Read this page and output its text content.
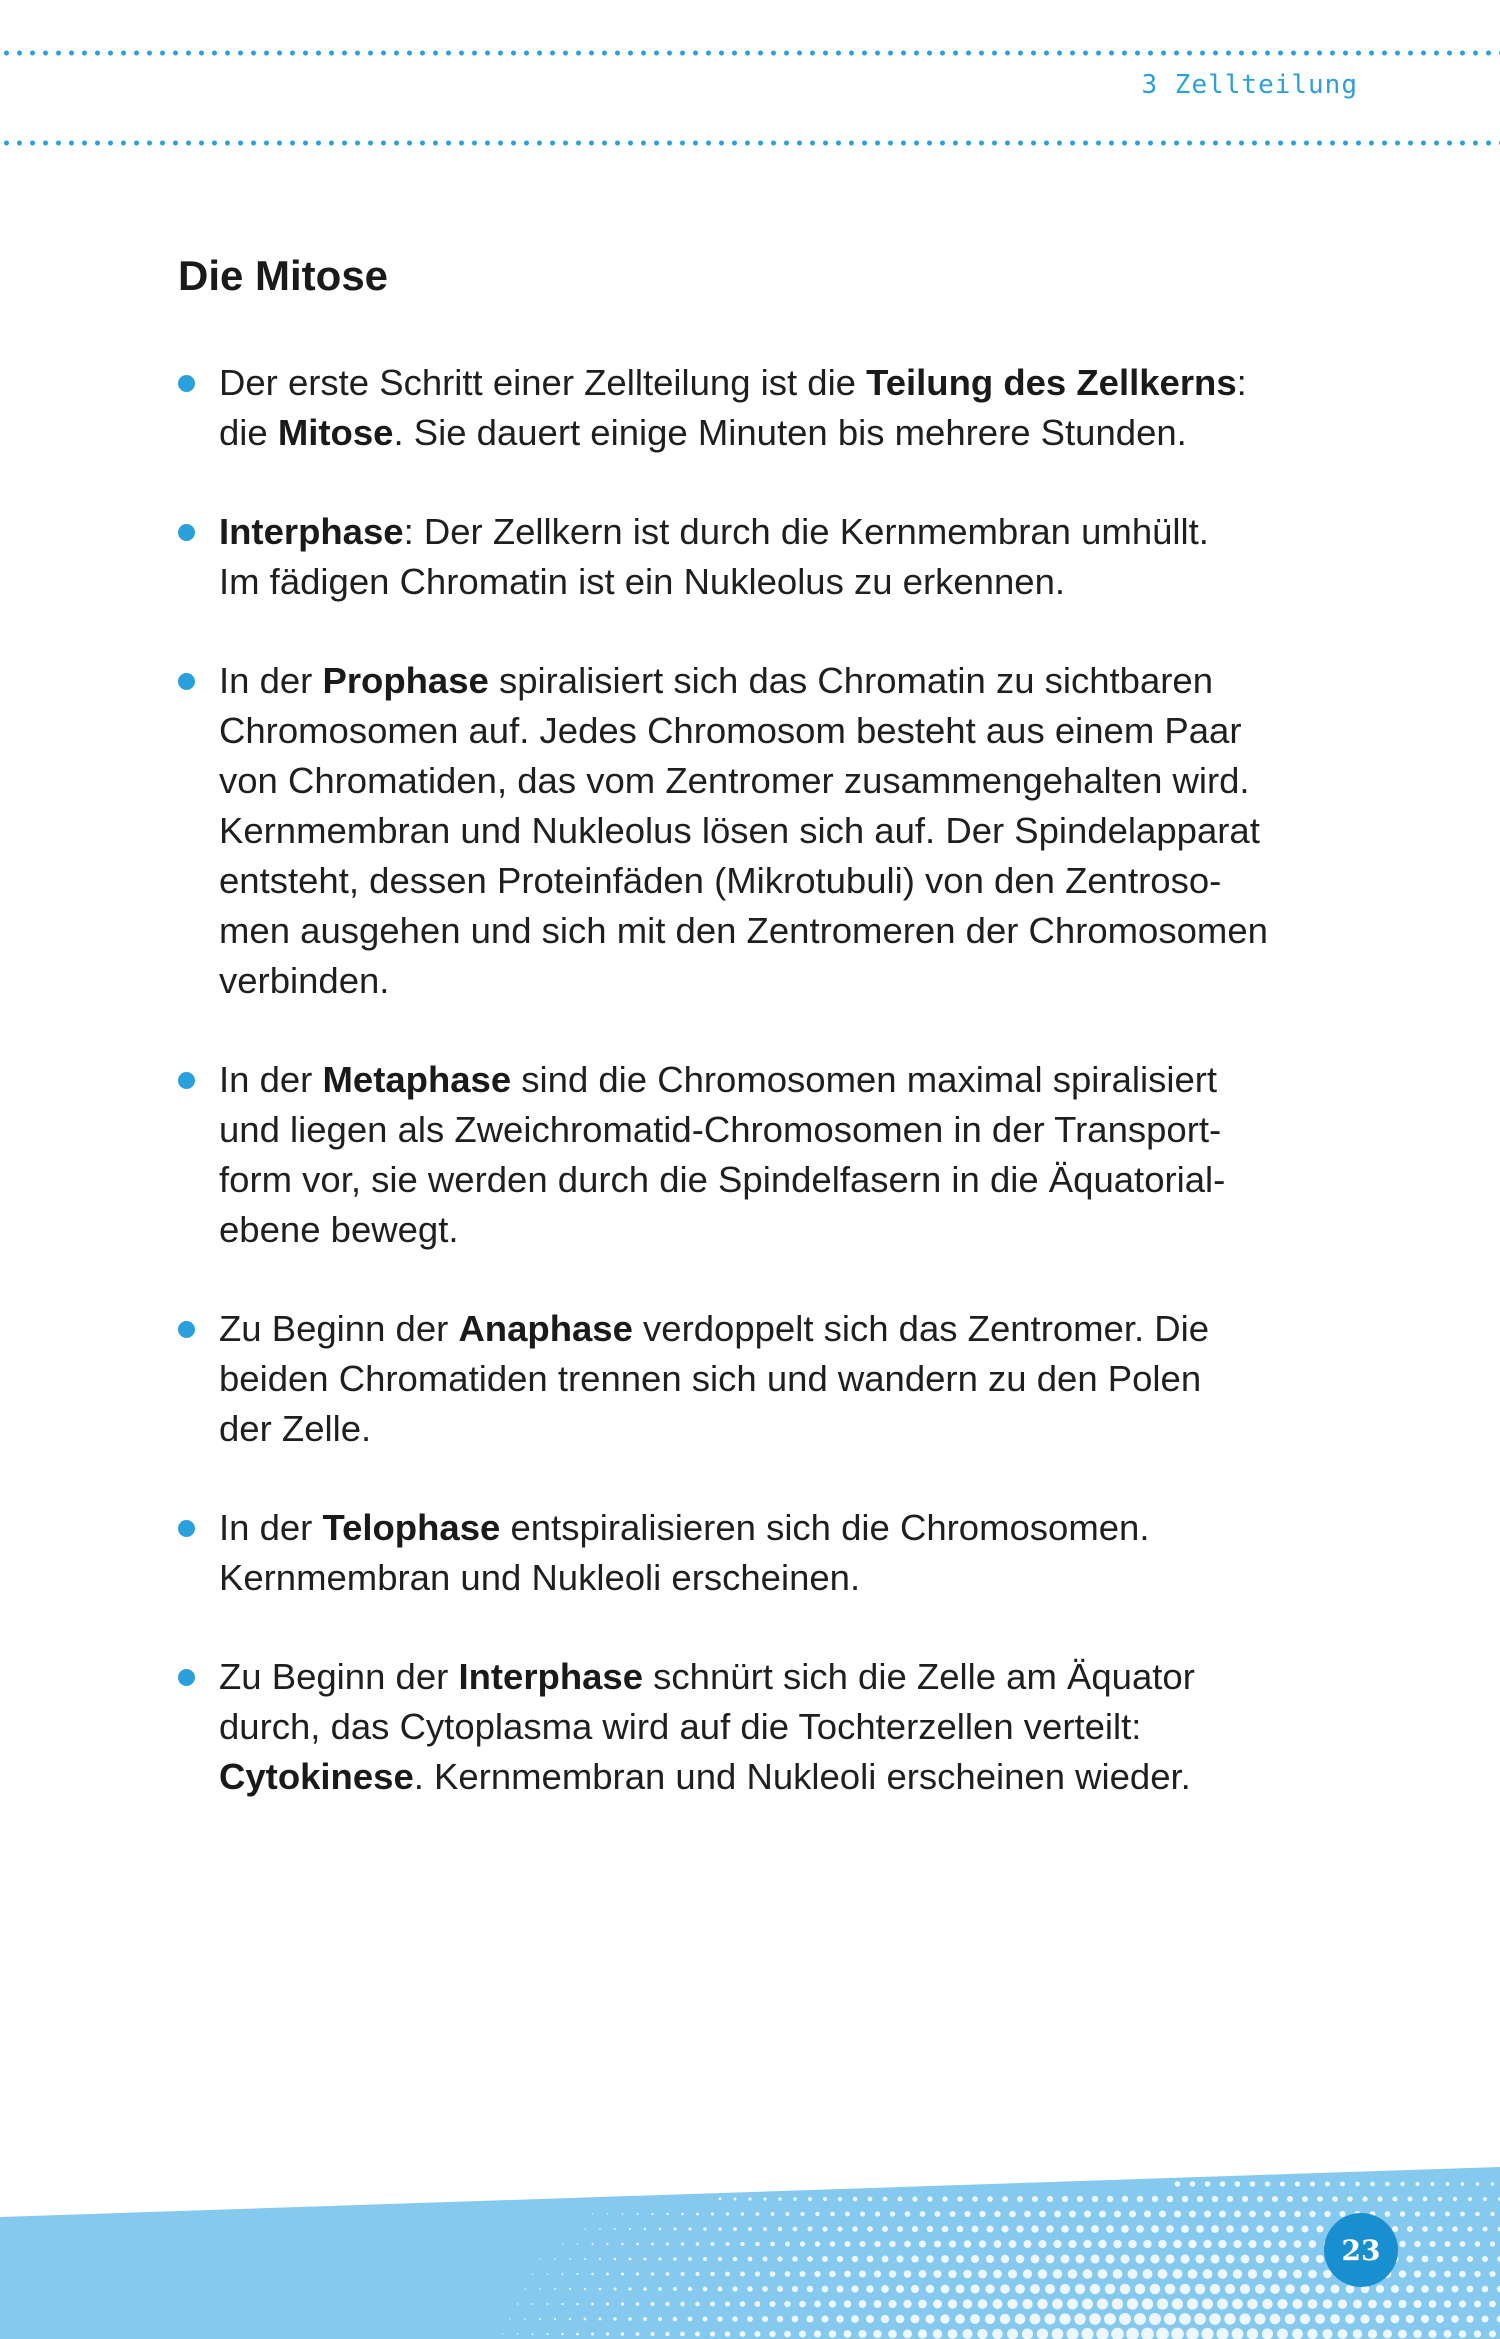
3 Zellteilung
Die Mitose
Der erste Schritt einer Zellteilung ist die Teilung des Zellkerns:
die Mitose. Sie dauert einige Minuten bis mehrere Stunden.
Interphase: Der Zellkern ist durch die Kernmembran umhüllt.
Im fädigen Chromatin ist ein Nukleolus zu erkennen.
In der Prophase spiralisiert sich das Chromatin zu sichtbaren
Chromosomen auf. Jedes Chromosom besteht aus einem Paar
von Chromatiden, das vom Zentromer zusammengehalten wird.
Kernmembran und Nukleolus lösen sich auf. Der Spindelapparat
entsteht, dessen Proteinfäden (Mikrotubuli) von den Zentroso-
men ausgehen und sich mit den Zentromeren der Chromosomen
verbinden.
In der Metaphase sind die Chromosomen maximal spiralisiert
und liegen als Zweichromatid-Chromosomen in der Transport-
form vor, sie werden durch die Spindelfasern in die Äquatorial-
ebene bewegt.
Zu Beginn der Anaphase verdoppelt sich das Zentromer. Die
beiden Chromatiden trennen sich und wandern zu den Polen
der Zelle.
In der Telophase entspiralisieren sich die Chromosomen.
Kernmembran und Nukleoli erscheinen.
Zu Beginn der Interphase schnürt sich die Zelle am Äquator
durch, das Cytoplasma wird auf die Tochterzellen verteilt:
Cytokinese. Kernmembran und Nukleoli erscheinen wieder.
23
